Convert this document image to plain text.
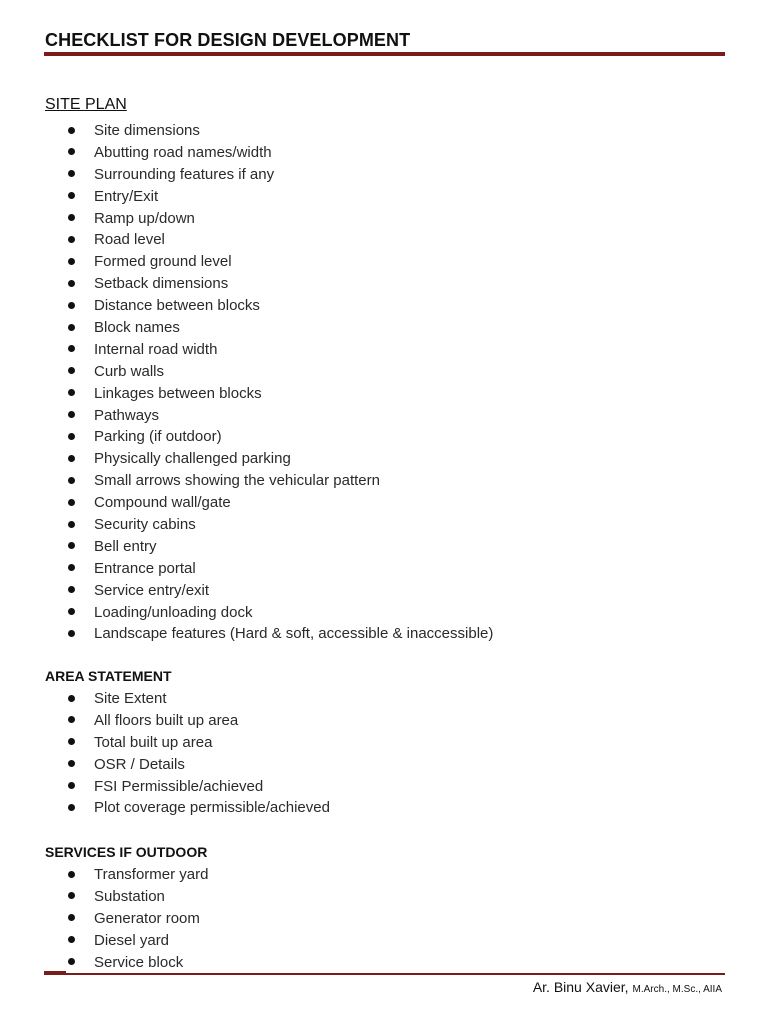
CHECKLIST FOR DESIGN DEVELOPMENT
SITE PLAN
Site dimensions
Abutting road names/width
Surrounding features if any
Entry/Exit
Ramp up/down
Road level
Formed ground level
Setback dimensions
Distance between blocks
Block names
Internal road width
Curb walls
Linkages between blocks
Pathways
Parking (if outdoor)
Physically challenged parking
Small arrows showing the vehicular pattern
Compound wall/gate
Security cabins
Bell entry
Entrance portal
Service entry/exit
Loading/unloading dock
Landscape features (Hard & soft, accessible & inaccessible)
AREA STATEMENT
Site Extent
All floors built up area
Total built up area
OSR / Details
FSI Permissible/achieved
Plot coverage permissible/achieved
SERVICES IF OUTDOOR
Transformer yard
Substation
Generator room
Diesel yard
Service block
Ar. Binu Xavier, M.Arch., M.Sc., AIIA
